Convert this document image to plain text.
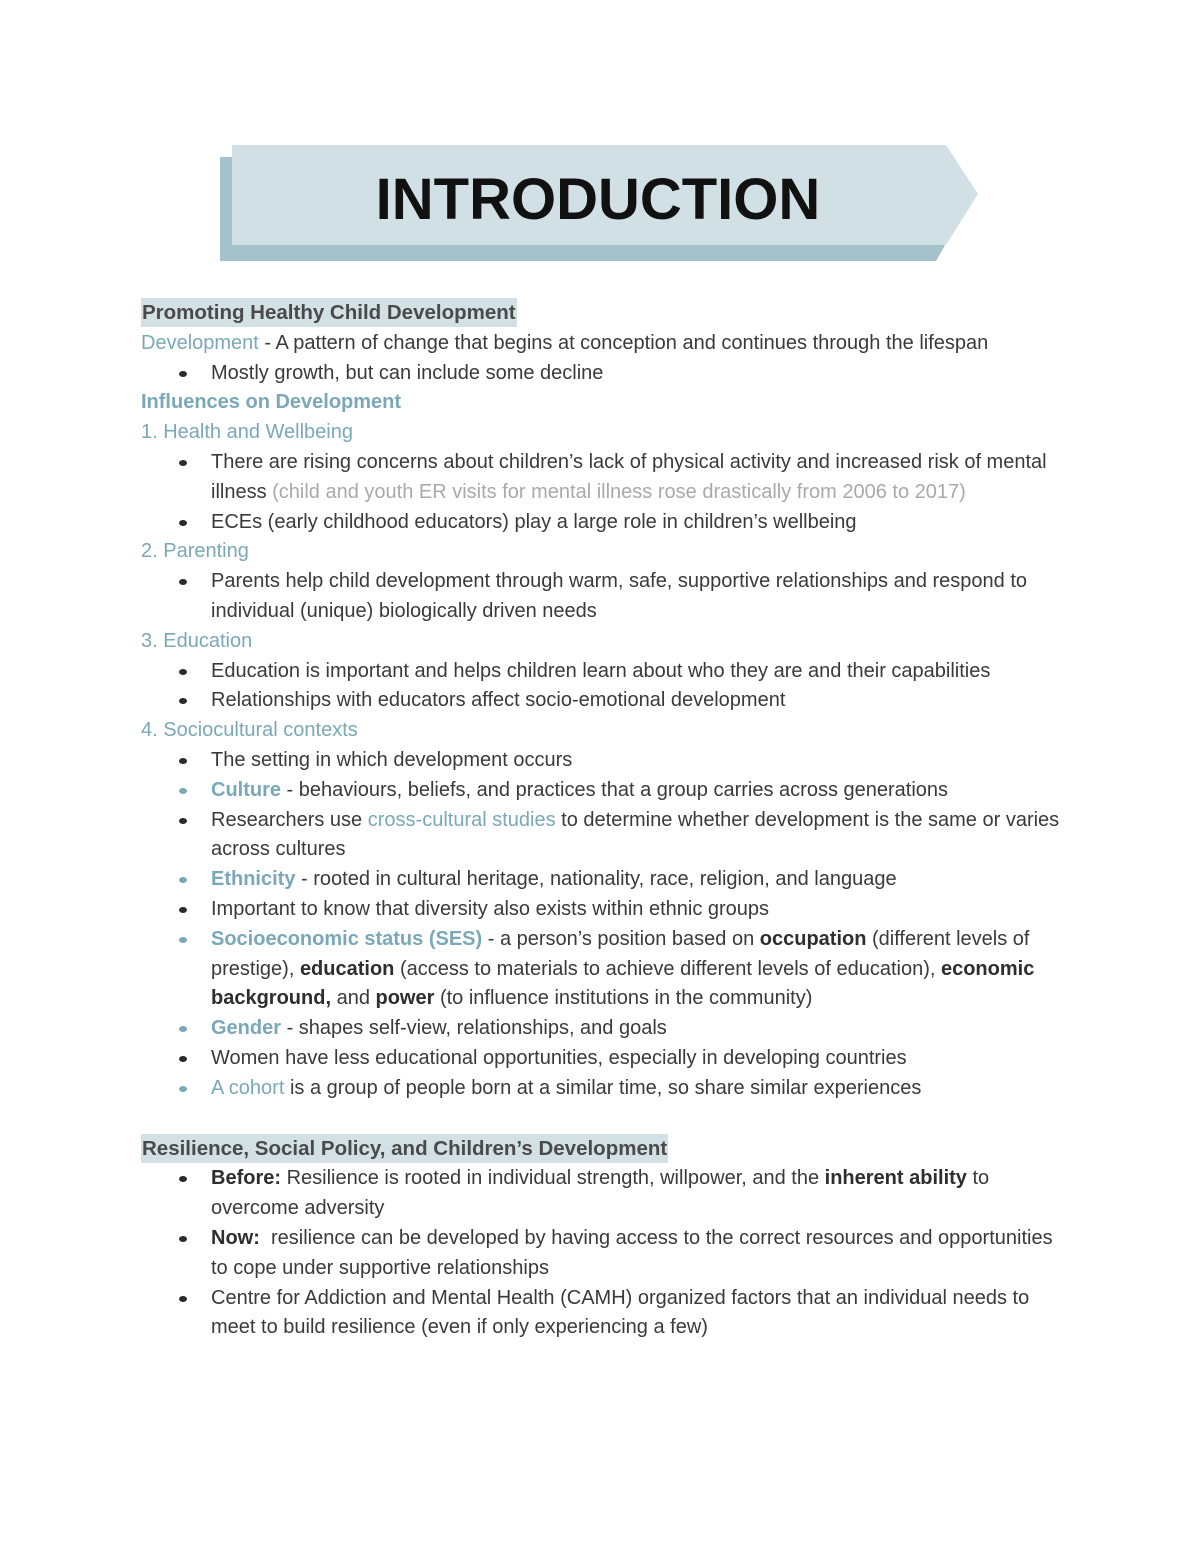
INTRODUCTION

Promoting Healthy Child Development

Development - A pattern of change that begins at conception and continues through the lifespan

Mostly growth, but can include some decline

Influences on Development

1. Health and Wellbeing

There are rising concerns about children’s lack of physical activity and increased risk of mental illness (child and youth ER visits for mental illness rose drastically from 2006 to 2017)
ECEs (early childhood educators) play a large role in children’s wellbeing

2. Parenting

Parents help child development through warm, safe, supportive relationships and respond to individual (unique) biologically driven needs

3. Education

Education is important and helps children learn about who they are and their capabilities
Relationships with educators affect socio-emotional development

4. Sociocultural contexts

The setting in which development occurs
Culture - behaviours, beliefs, and practices that a group carries across generations
Researchers use cross-cultural studies to determine whether development is the same or varies across cultures
Ethnicity - rooted in cultural heritage, nationality, race, religion, and language
Important to know that diversity also exists within ethnic groups
Socioeconomic status (SES) - a person’s position based on occupation (different levels of prestige), education (access to materials to achieve different levels of education), economic background, and power (to influence institutions in the community)
Gender - shapes self-view, relationships, and goals
Women have less educational opportunities, especially in developing countries
A cohort is a group of people born at a similar time, so share similar experiences

Resilience, Social Policy, and Children’s Development

Before: Resilience is rooted in individual strength, willpower, and the inherent ability to overcome adversity
Now:  resilience can be developed by having access to the correct resources and opportunities to cope under supportive relationships
Centre for Addiction and Mental Health (CAMH) organized factors that an individual needs to meet to build resilience (even if only experiencing a few)
